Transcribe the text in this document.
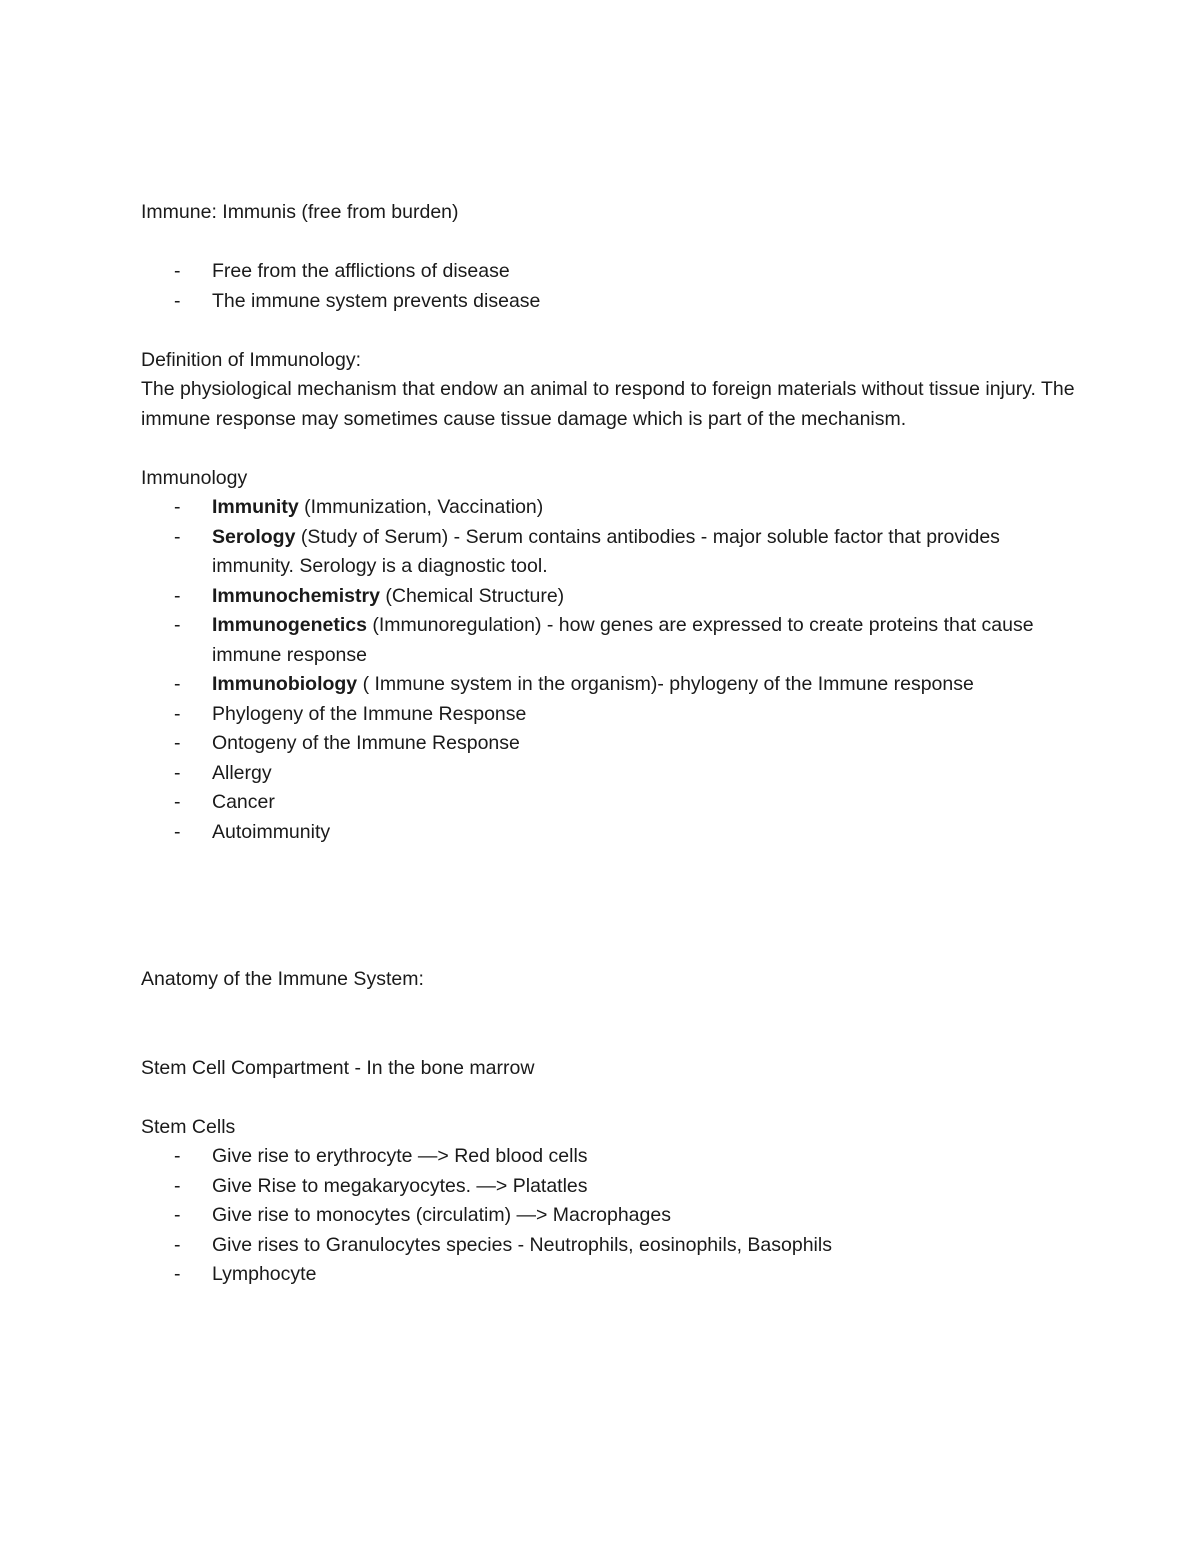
Immune: Immunis (free from burden)

- Free from the afflictions of disease
- The immune system prevents disease

Definition of Immunology:

The physiological mechanism that endow an animal to respond to foreign materials without tissue injury. The immune response may sometimes cause tissue damage which is part of the mechanism.

Immunology

- Immunity (Immunization, Vaccination)
- Serology (Study of Serum) - Serum contains antibodies - major soluble factor that provides immunity. Serology is a diagnostic tool.
- Immunochemistry (Chemical Structure)
- Immunogenetics (Immunoregulation) - how genes are expressed to create proteins that cause immune response
- Immunobiology ( Immune system in the organism)- phylogeny of the Immune response
- Phylogeny of the Immune Response
- Ontogeny of the Immune Response
- Allergy
- Cancer
- Autoimmunity

Anatomy of the Immune System:

Stem Cell Compartment - In the bone marrow

Stem Cells

- Give rise to erythrocyte —> Red blood cells
- Give Rise to megakaryocytes. —> Platatles
- Give rise to monocytes (circulatim) —> Macrophages
- Give rises to Granulocytes species - Neutrophils, eosinophils, Basophils
- Lymphocyte
